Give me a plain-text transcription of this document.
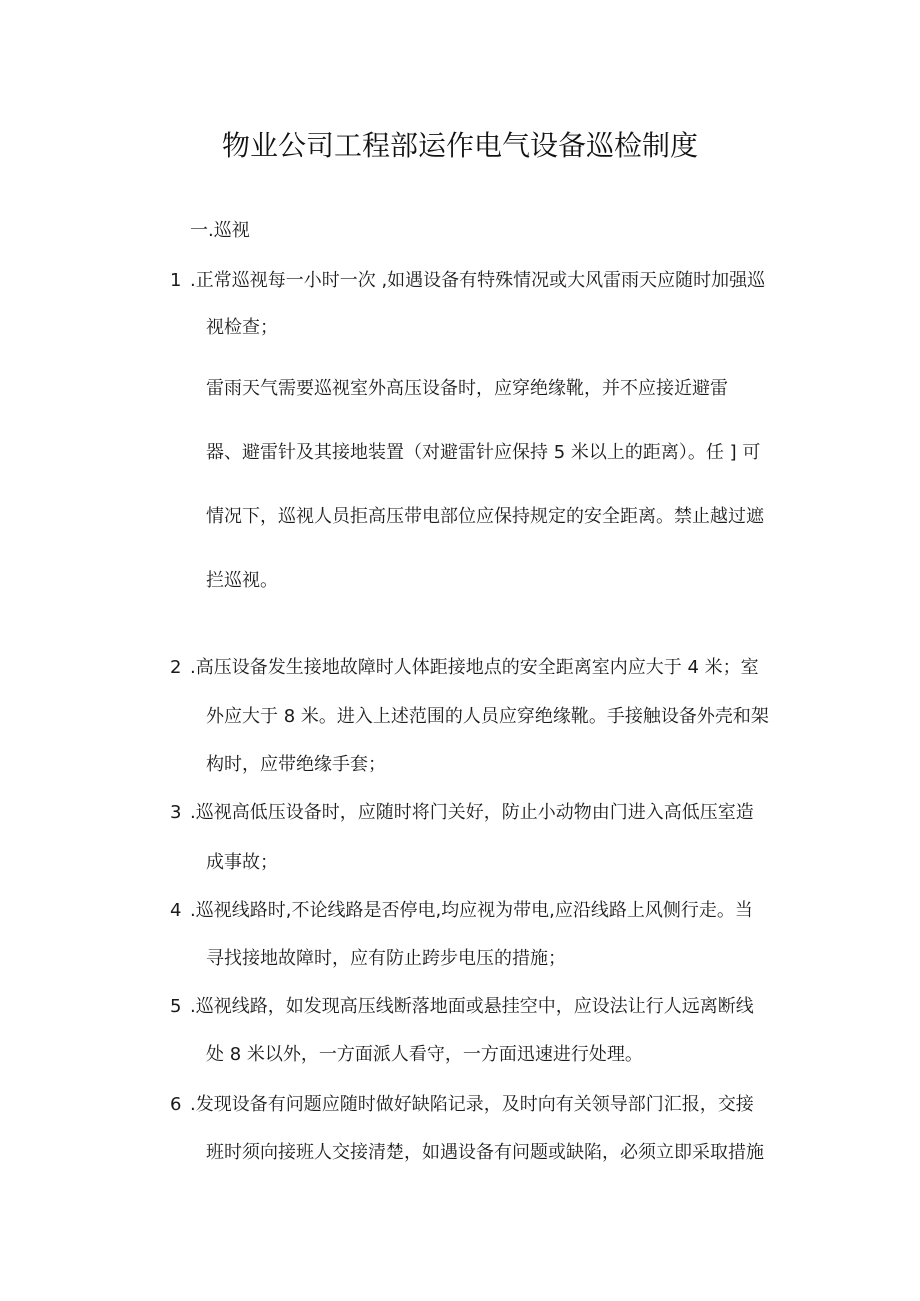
物业公司工程部运作电气设备巡检制度
一.巡视
1 .正常巡视每一小时一次 ,如遇设备有特殊情况或大风雷雨天应随时加强巡
视检查；
雷雨天气需要巡视室外高压设备时，应穿绝缘靴，并不应接近避雷
器、避雷针及其接地装置（对避雷针应保持 5 米以上的距离）。任 ] 可
情况下，巡视人员拒高压带电部位应保持规定的安全距离。禁止越过遮
拦巡视。
2 .高压设备发生接地故障时人体距接地点的安全距离室内应大于 4 米；室
外应大于 8 米。进入上述范围的人员应穿绝缘靴。手接触设备外壳和架
构时，应带绝缘手套；
3 .巡视高低压设备时，应随时将门关好，防止小动物由门进入高低压室造
成事故；
4 .巡视线路时,不论线路是否停电,均应视为带电,应沿线路上风侧行走。当
寻找接地故障时，应有防止跨步电压的措施；
5 .巡视线路，如发现高压线断落地面或悬挂空中，应设法让行人远离断线
处 8 米以外，一方面派人看守，一方面迅速进行处理。
6 .发现设备有问题应随时做好缺陷记录，及时向有关领导部门汇报，交接
班时须向接班人交接清楚，如遇设备有问题或缺陷，必须立即采取措施
